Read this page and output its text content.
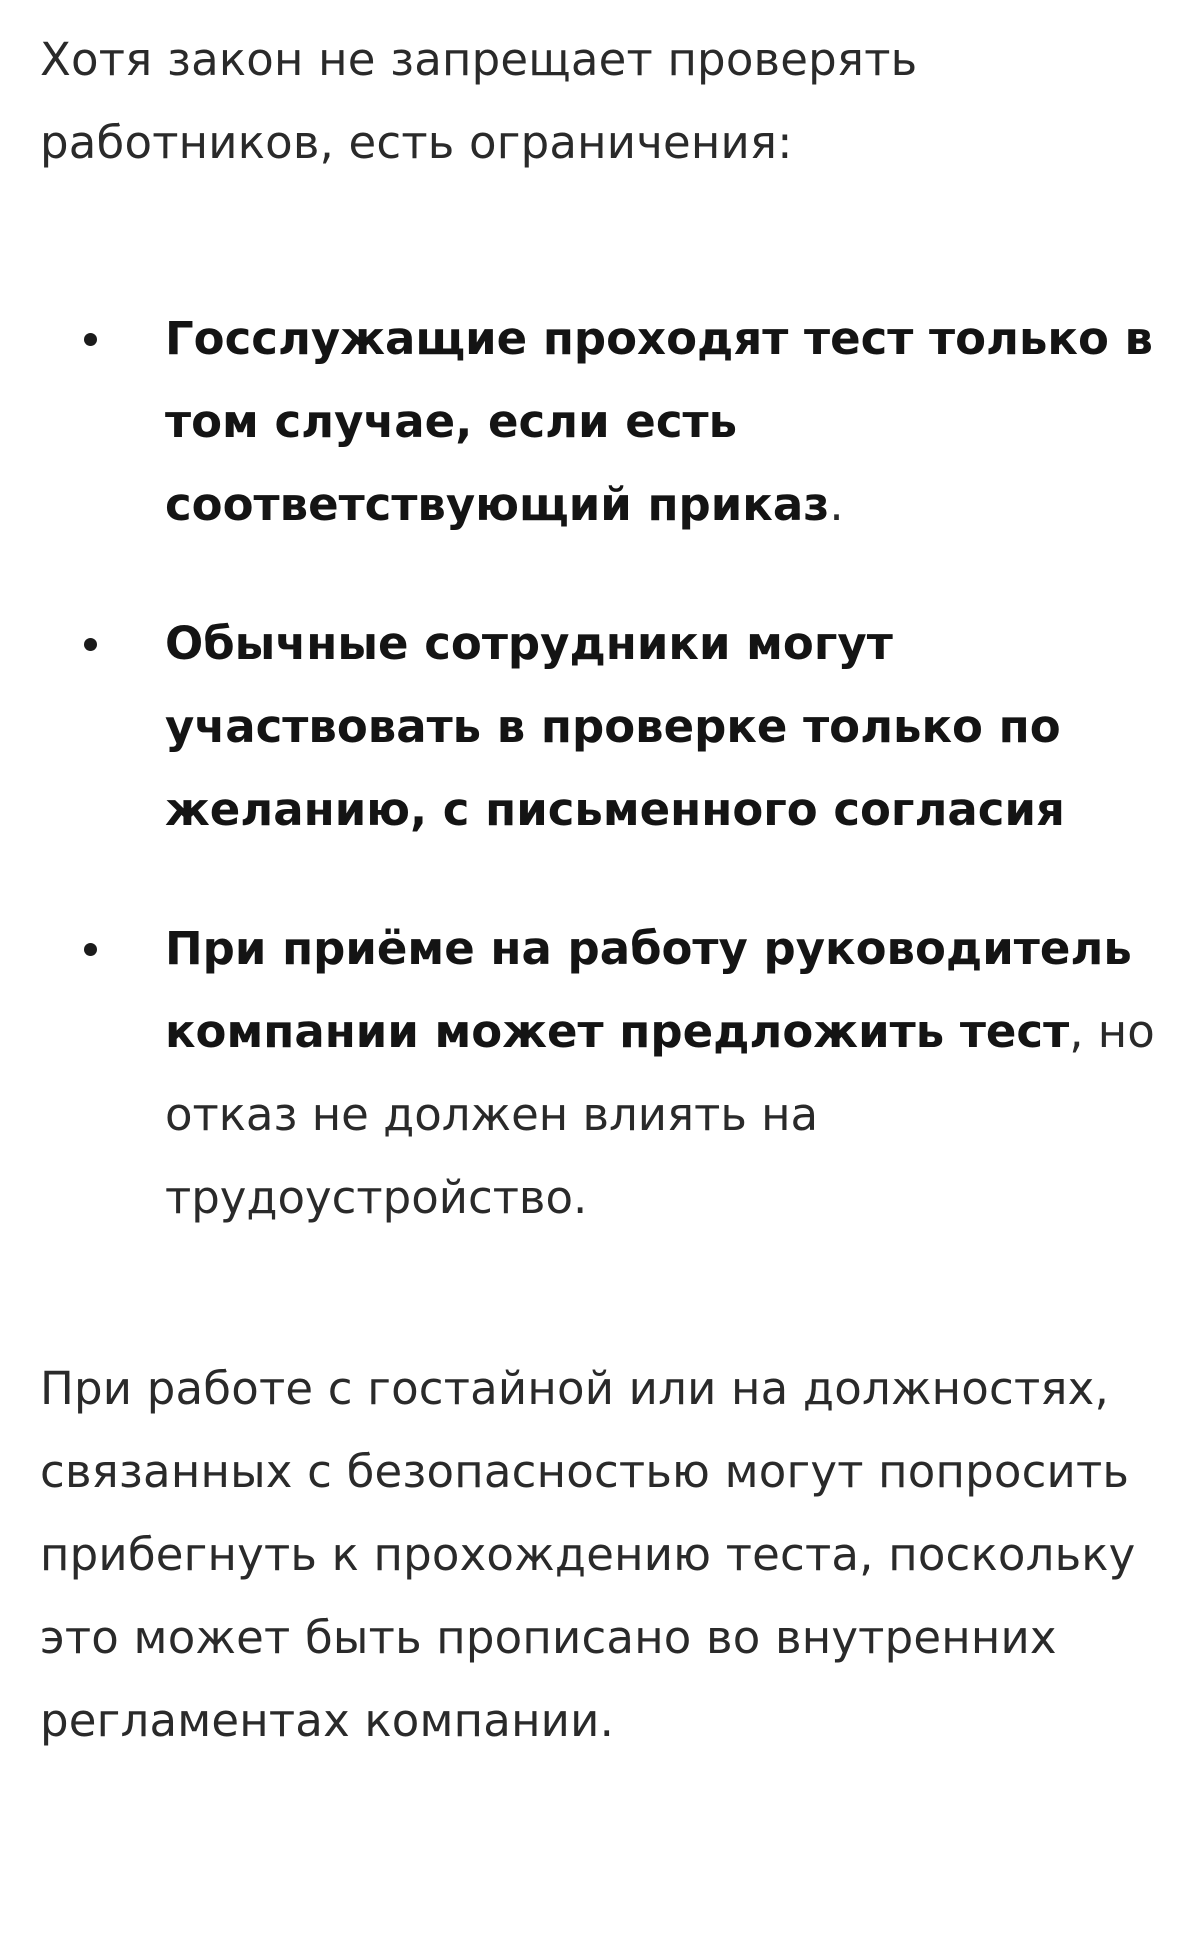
Хотя закон не запрещает проверять работников, есть ограничения:

Госслужащие проходят тест только в том случае, если есть соответствующий приказ.
Обычные сотрудники могут участвовать в проверке только по желанию, с письменного согласия
При приёме на работу руководитель компании может предложить тест, но отказ не должен влиять на трудоустройство.

При работе с гостайной или на должностях, связанных с безопасностью могут попросить прибегнуть к прохождению теста, поскольку это может быть прописано во внутренних регламентах компании.
